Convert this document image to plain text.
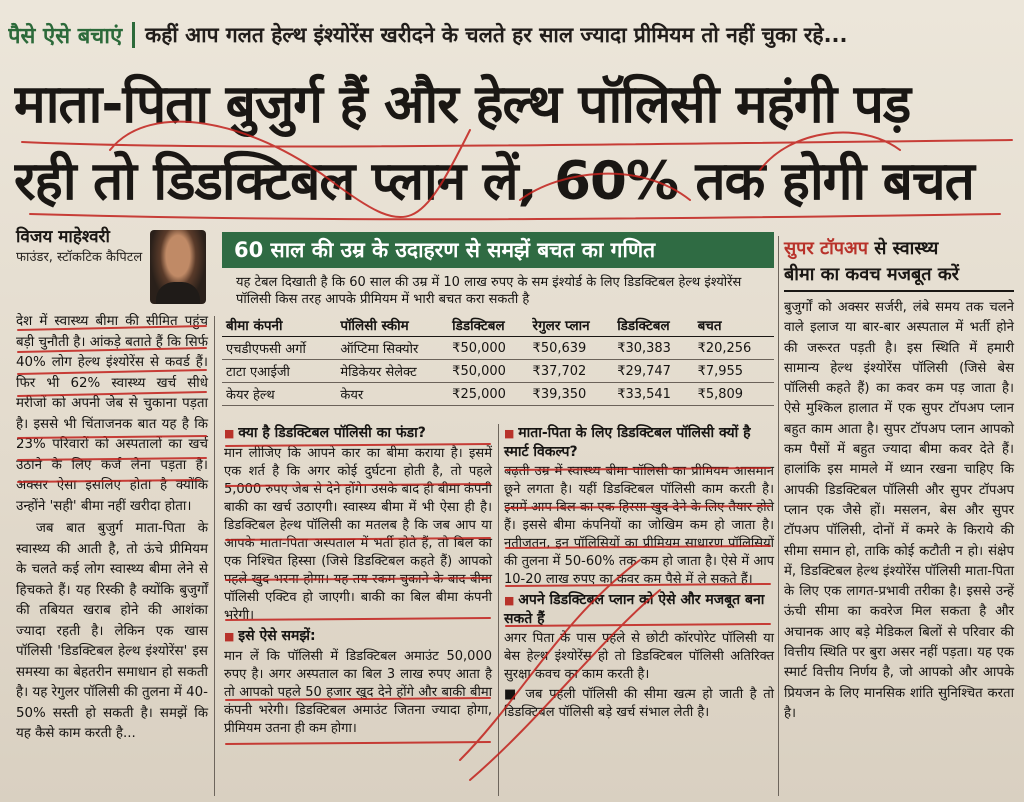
पैसे ऐसे बचाएं कहीं आप गलत हेल्थ इंश्योरेंस खरीदने के चलते हर साल ज्यादा प्रीमियम तो नहीं चुका रहे...
माता-पिता बुजुर्ग हैं और हेल्थ पॉलिसी महंगी पड़
रही तो डिडक्टिबल प्लान लें, 60% तक होगी बचत
विजय माहेश्वरी
फाउंडर, स्टॉकटिक कैपिटल

देश में स्वास्थ्य बीमा की सीमित पहुंच बड़ी चुनौती है। आंकड़े बताते हैं कि सिर्फ 40% लोग हेल्थ इंश्योरेंस से कवर्ड हैं। फिर भी 62% स्वास्थ्य खर्च सीधे मरीजों को अपनी जेब से चुकाना पड़ता है। इससे भी चिंताजनक बात यह है कि 23% परिवारों को अस्पतालों का खर्च उठाने के लिए कर्ज लेना पड़ता है। अक्सर ऐसा इसलिए होता है क्योंकि उन्होंने 'सही' बीमा नहीं खरीदा होता।

जब बात बुजुर्ग माता-पिता के स्वास्थ्य की आती है, तो ऊंचे प्रीमियम के चलते कई लोग स्वास्थ्य बीमा लेने से हिचकते हैं। यह रिस्की है क्योंकि बुजुर्गों की तबियत खराब होने की आशंका ज्यादा रहती है। लेकिन एक खास पॉलिसी 'डिडक्टिबल हेल्थ इंश्योरेंस' इस समस्या का बेहतरीन समाधान हो सकती है। यह रेगुलर पॉलिसी की तुलना में 40-50% सस्ती हो सकती है। समझें कि यह कैसे काम करती है...

60 साल की उम्र के उदाहरण से समझें बचत का गणित
यह टेबल दिखाती है कि 60 साल की उम्र में 10 लाख रुपए के सम इंश्योर्ड के लिए डिडक्टिबल हेल्थ इंश्योरेंस पॉलिसी किस तरह आपके प्रीमियम में भारी बचत करा सकती है
बीमा कंपनी	पॉलिसी स्कीम	डिडक्टिबल	रेगुलर प्लान	डिडक्टिबल	बचत
एचडीएफसी अर्गो	ऑप्टिमा सिक्योर	₹50,000	₹50,639	₹30,383	₹20,256
टाटा एआईजी	मेडिकेयर सेलेक्ट	₹50,000	₹37,702	₹29,747	₹7,955
केयर हेल्थ	केयर	₹25,000	₹39,350	₹33,541	₹5,809
■ क्या है डिडक्टिबल पॉलिसी का फंडा?

मान लीजिए कि आपने कार का बीमा कराया है। इसमें एक शर्त है कि अगर कोई दुर्घटना होती है, तो पहले 5,000 रुपए जेब से देने होंगे। उसके बाद ही बीमा कंपनी बाकी का खर्च उठाएगी। स्वास्थ्य बीमा में भी ऐसा ही है। डिडक्टिबल हेल्थ पॉलिसी का मतलब है कि जब आप या आपके माता-पिता अस्पताल में भर्ती होते हैं, तो बिल का एक निश्चित हिस्सा (जिसे डिडक्टिबल कहते हैं) आपको पहले खुद भरना होगा। यह तय रकम चुकाने के बाद बीमा पॉलिसी एक्टिव हो जाएगी। बाकी का बिल बीमा कंपनी भरेगी।

■ इसे ऐसे समझें:

मान लें कि पॉलिसी में डिडक्टिबल अमाउंट 50,000 रुपए है। अगर अस्पताल का बिल 3 लाख रुपए आता है तो आपको पहले 50 हजार खुद देने होंगे और बाकी बीमा कंपनी भरेगी। डिडक्टिबल अमाउंट जितना ज्यादा होगा, प्रीमियम उतना ही कम होगा।

■ माता-पिता के लिए डिडक्टिबल पॉलिसी क्यों है स्मार्ट विकल्प?

बढ़ती उम्र में स्वास्थ्य बीमा पॉलिसी का प्रीमियम आसमान छूने लगता है। यहीं डिडक्टिबल पॉलिसी काम करती है। इसमें आप बिल का एक हिस्सा खुद देने के लिए तैयार होते हैं। इससे बीमा कंपनियों का जोखिम कम हो जाता है। नतीजतन, इन पॉलिसियों का प्रीमियम साधारण पॉलिसियों की तुलना में 50-60% तक कम हो जाता है। ऐसे में आप 10-20 लाख रुपए का कवर कम पैसे में ले सकते हैं।

■ अपने डिडक्टिबल प्लान को ऐसे और मजबूत बना सकते हैं

अगर पिता के पास पहले से छोटी कॉरपोरेट पॉलिसी या बेस हेल्थ इंश्योरेंस हो तो डिडक्टिबल पॉलिसी अतिरिक्त सुरक्षा कवच का काम करती है।

■ जब पहली पॉलिसी की सीमा खत्म हो जाती है तो डिडक्टिबल पॉलिसी बड़े खर्च संभाल लेती है।

सुपर टॉपअप से स्वास्थ्य
बीमा का कवच मजबूत करें
बुजुर्गों को अक्सर सर्जरी, लंबे समय तक चलने वाले इलाज या बार-बार अस्पताल में भर्ती होने की जरूरत पड़ती है। इस स्थिति में हमारी सामान्य हेल्थ इंश्योरेंस पॉलिसी (जिसे बेस पॉलिसी कहते हैं) का कवर कम पड़ जाता है। ऐसे मुश्किल हालात में एक सुपर टॉपअप प्लान बहुत काम आता है। सुपर टॉपअप प्लान आपको कम पैसों में बहुत ज्यादा बीमा कवर देते हैं। हालांकि इस मामले में ध्यान रखना चाहिए कि आपकी डिडक्टिबल पॉलिसी और सुपर टॉपअप प्लान एक जैसे हों। मसलन, बेस और सुपर टॉपअप पॉलिसी, दोनों में कमरे के किराये की सीमा समान हो, ताकि कोई कटौती न हो। संक्षेप में, डिडक्टिबल हेल्थ इंश्योरेंस पॉलिसी माता-पिता के लिए एक लागत-प्रभावी तरीका है। इससे उन्हें ऊंची सीमा का कवरेज मिल सकता है और अचानक आए बड़े मेडिकल बिलों से परिवार की वित्तीय स्थिति पर बुरा असर नहीं पड़ता। यह एक स्मार्ट वित्तीय निर्णय है, जो आपको और आपके प्रियजन के लिए मानसिक शांति सुनिश्चित करता है।
